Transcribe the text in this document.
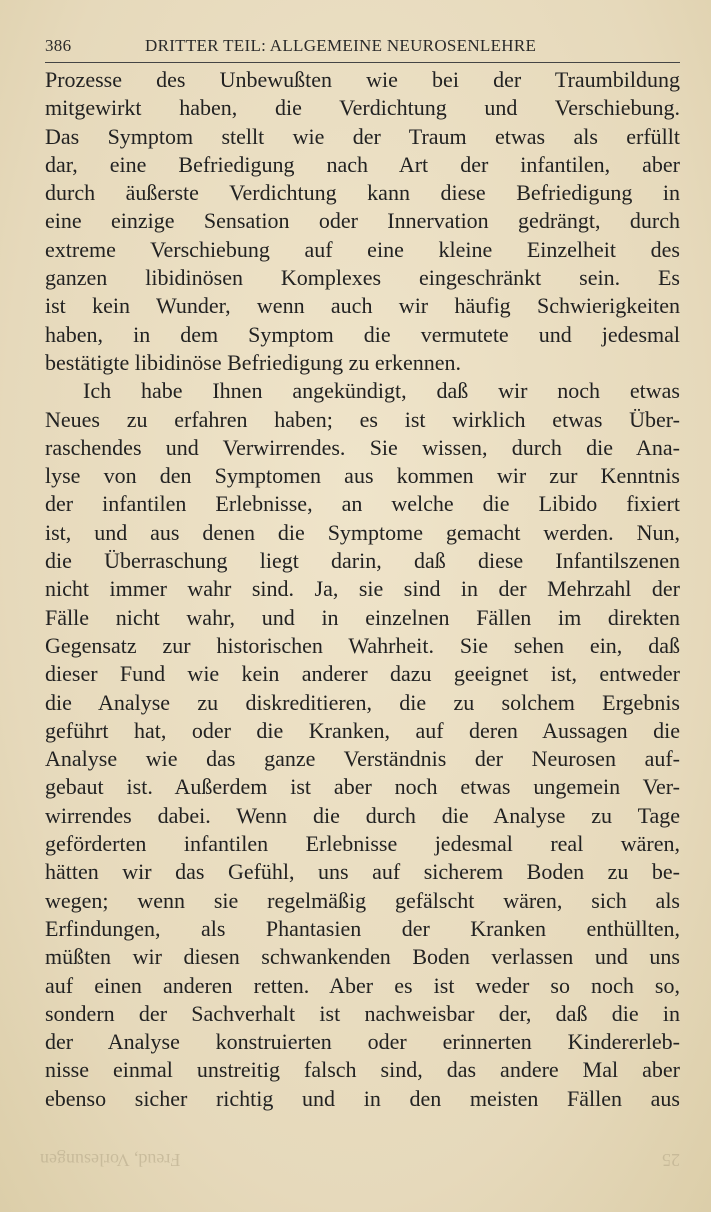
386	DRITTER TEIL: ALLGEMEINE NEUROSENLEHRE
Prozesse des Unbewußten wie bei der Traumbildung
mitgewirkt haben, die Verdichtung und Verschiebung.
Das Symptom stellt wie der Traum etwas als erfüllt
dar, eine Befriedigung nach Art der infantilen, aber
durch äußerste Verdichtung kann diese Befriedigung in
eine einzige Sensation oder Innervation gedrängt, durch
extreme Verschiebung auf eine kleine Einzelheit des
ganzen libidinösen Komplexes eingeschränkt sein. Es
ist kein Wunder, wenn auch wir häufig Schwierigkeiten
haben, in dem Symptom die vermutete und jedesmal
bestätigte libidinöse Befriedigung zu erkennen.
Ich habe Ihnen angekündigt, daß wir noch etwas
Neues zu erfahren haben; es ist wirklich etwas Über-
raschendes und Verwirrendes. Sie wissen, durch die Ana-
lyse von den Symptomen aus kommen wir zur Kenntnis
der infantilen Erlebnisse, an welche die Libido fixiert
ist, und aus denen die Symptome gemacht werden. Nun,
die Überraschung liegt darin, daß diese Infantilszenen
nicht immer wahr sind. Ja, sie sind in der Mehrzahl der
Fälle nicht wahr, und in einzelnen Fällen im direkten
Gegensatz zur historischen Wahrheit. Sie sehen ein, daß
dieser Fund wie kein anderer dazu geeignet ist, entweder
die Analyse zu diskreditieren, die zu solchem Ergebnis
geführt hat, oder die Kranken, auf deren Aussagen die
Analyse wie das ganze Verständnis der Neurosen auf-
gebaut ist. Außerdem ist aber noch etwas ungemein Ver-
wirrendes dabei. Wenn die durch die Analyse zu Tage
geförderten infantilen Erlebnisse jedesmal real wären,
hätten wir das Gefühl, uns auf sicherem Boden zu be-
wegen; wenn sie regelmäßig gefälscht wären, sich als
Erfindungen, als Phantasien der Kranken enthüllten,
müßten wir diesen schwankenden Boden verlassen und uns
auf einen anderen retten. Aber es ist weder so noch so,
sondern der Sachverhalt ist nachweisbar der, daß die in
der Analyse konstruierten oder erinnerten Kindererleb-
nisse einmal unstreitig falsch sind, das andere Mal aber
ebenso sicher richtig und in den meisten Fällen aus
25
Freud, Vorlesungen
